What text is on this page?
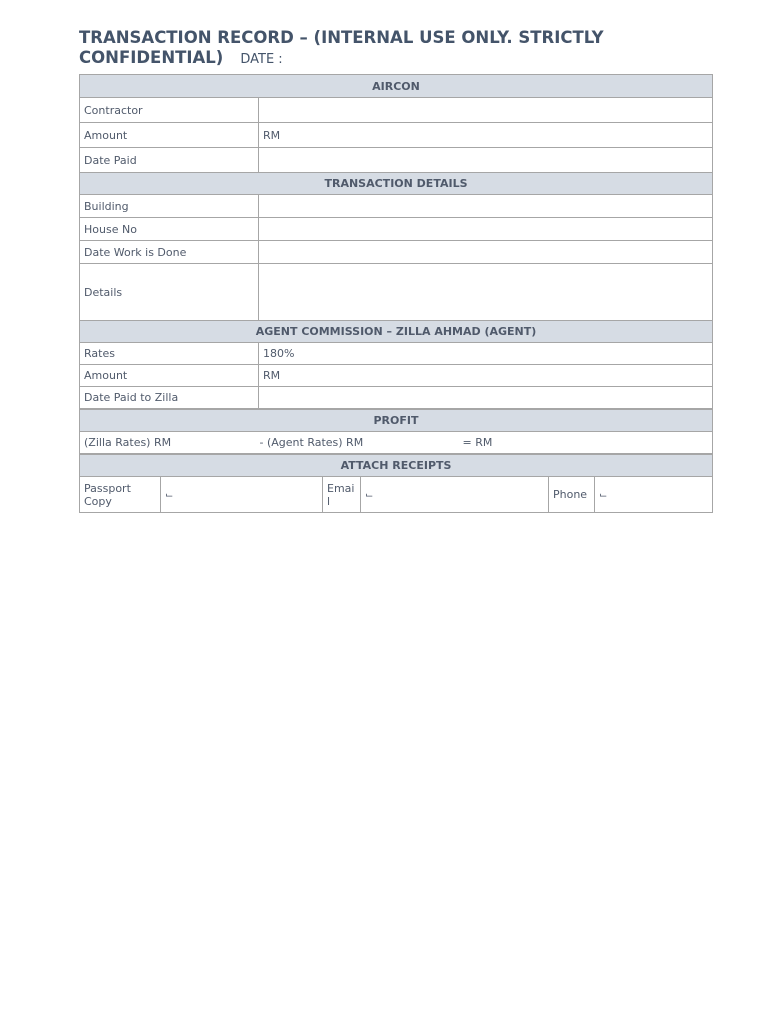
TRANSACTION RECORD – (INTERNAL USE ONLY. STRICTLY CONFIDENTIAL) DATE :
AIRCON	
Contractor	
Amount	RM
Date Paid	
TRANSACTION DETAILS	
Building	
House No	
Date Work is Done	
Details	
AGENT COMMISSION – ZILLA AHMAD (AGENT)	
Rates	180%
Amount	RM
Date Paid to Zilla	
PROFIT
(Zilla Rates) RM	- (Agent Rates) RM	= RM
ATTACH RECEIPTS
Passport Copy	⌙	Emai l	⌙	Phone	⌙
